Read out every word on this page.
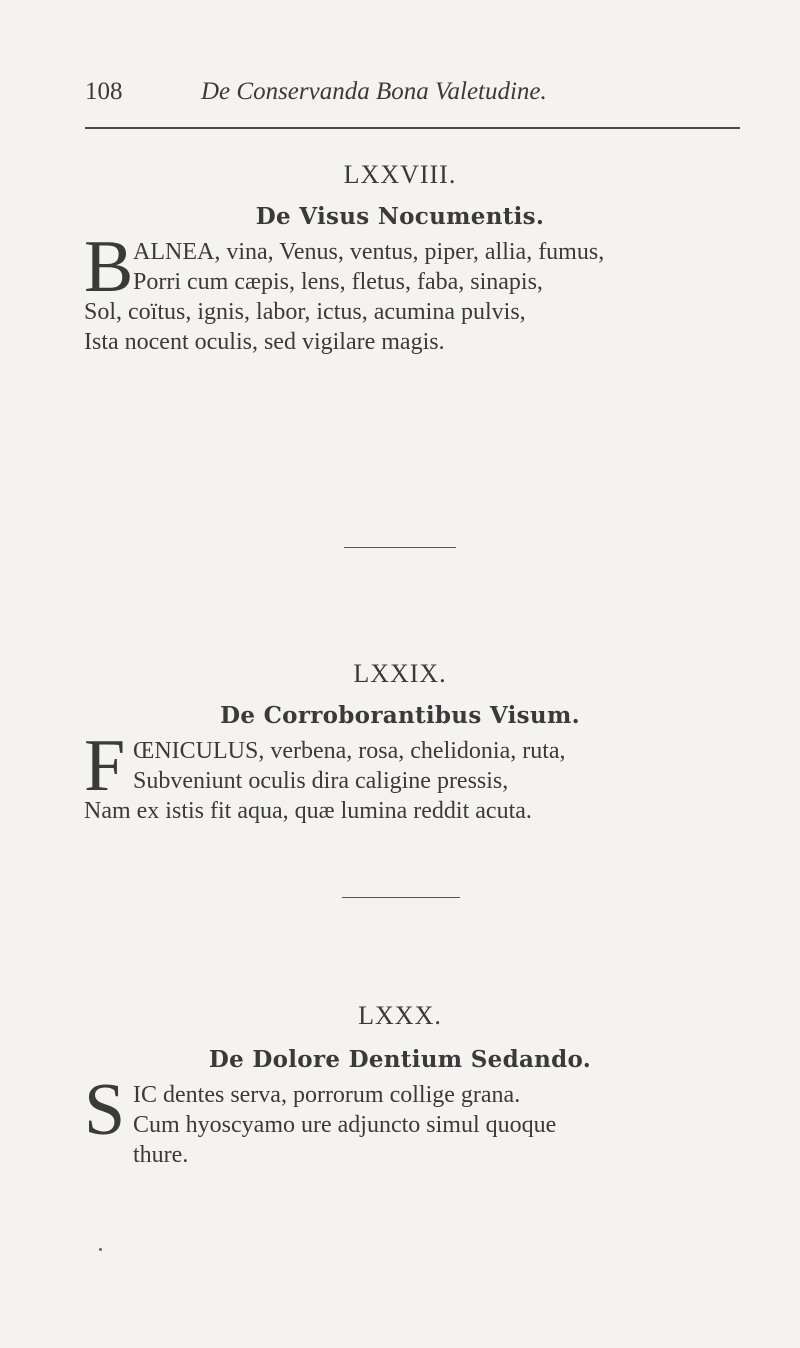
108	De Conservanda Bona Valetudine.
LXXVIII.
De Visus Nocumentis.
B ALNEA, vina, Venus, ventus, piper, allia, fumus,
Porri cum cæpis, lens, fletus, faba, sinapis,
Sol, coïtus, ignis, labor, ictus, acumina pulvis,
Ista nocent oculis, sed vigilare magis.
LXXIX.
De Corroborantibus Visum.
F ŒNICULUS, verbena, rosa, chelidonia, ruta,
Subveniunt oculis dira caligine pressis,
Nam ex istis fit aqua, quæ lumina reddit acuta.
LXXX.
De Dolore Dentium Sedando.
S IC dentes serva, porrorum collige grana.
Cum hyoscyamo ure adjuncto simul quoque
thure.
